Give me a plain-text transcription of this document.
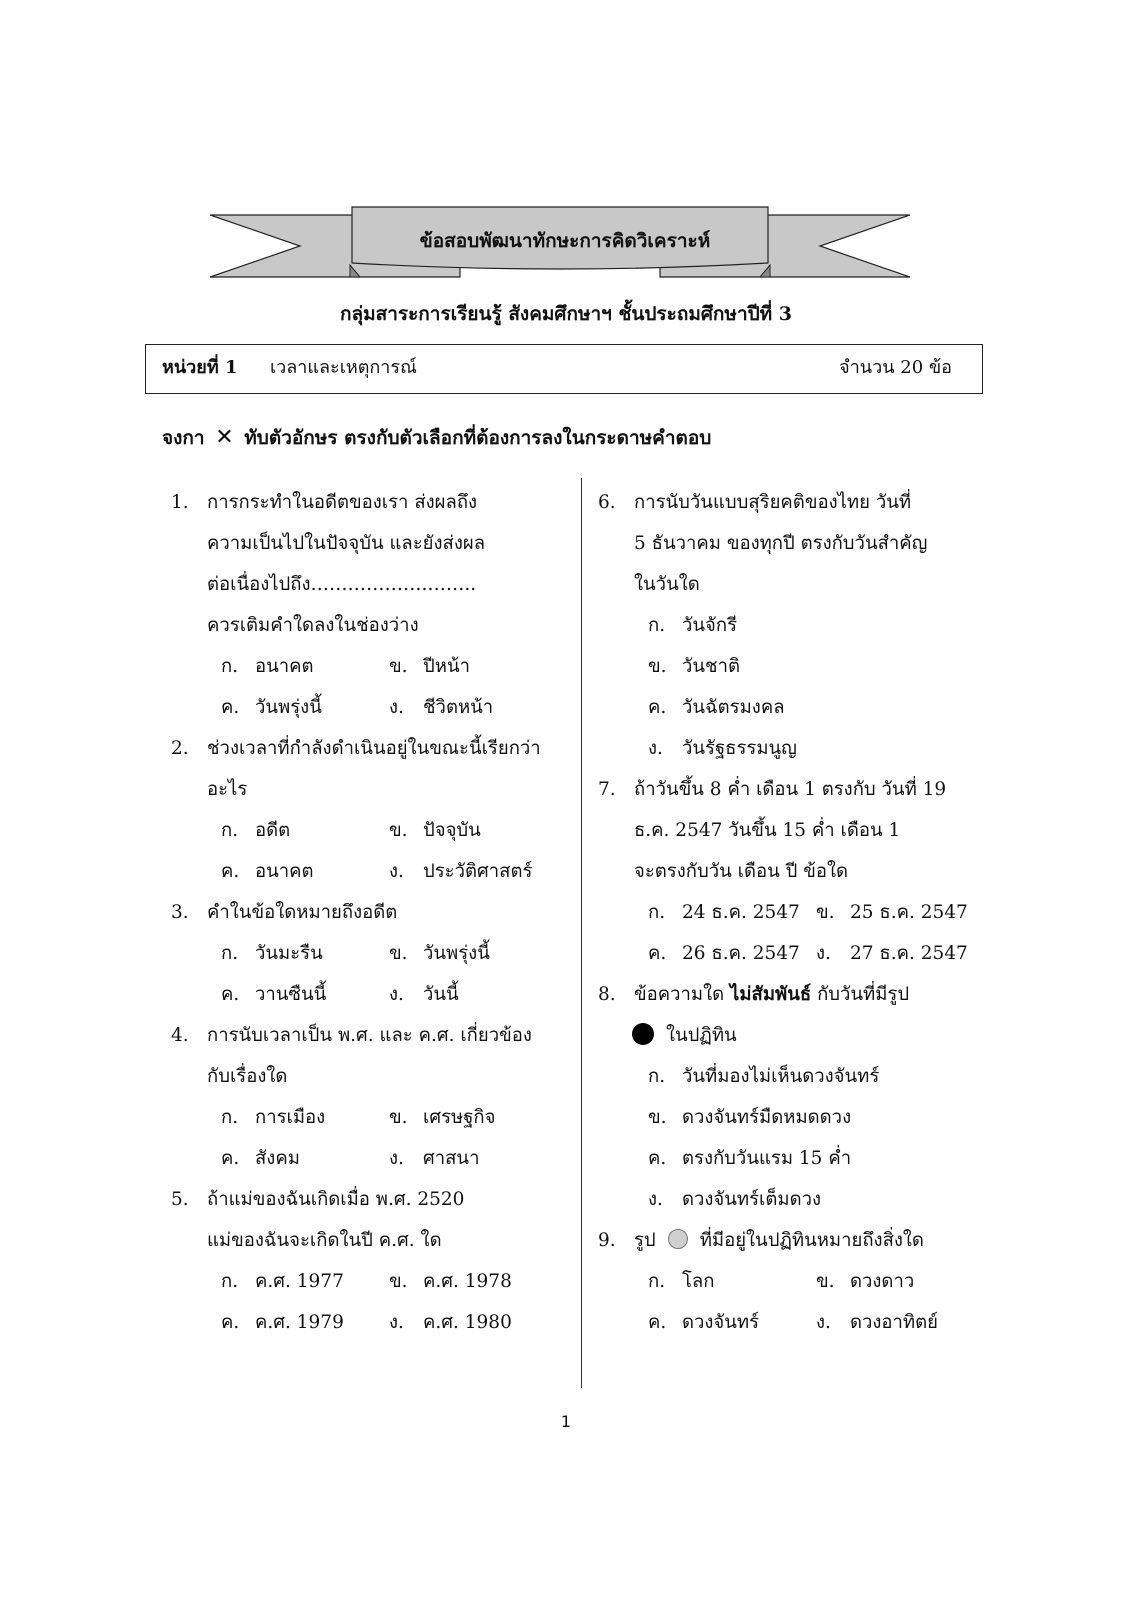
ข้อสอบพัฒนาทักษะการคิดวิเคราะห์
กลุ่มสาระการเรียนรู้ สังคมศึกษาฯ ชั้นประถมศึกษาปีที่ 3
หน่วยที่ 1 เวลาและเหตุการณ์	จำนวน 20 ข้อ
จงกา ✕ ทับตัวอักษร ตรงกับตัวเลือกที่ต้องการลงในกระดาษคำตอบ
1. การกระทำในอดีตของเรา ส่งผลถึง
ความเป็นไปในปัจจุบัน และยังส่งผล
ต่อเนื่องไปถึง……………….……..
ควรเติมคำใดลงในช่องว่าง
ก. อนาคต	ข. ปีหน้า
ค. วันพรุ่งนี้	ง. ชีวิตหน้า
2. ช่วงเวลาที่กำลังดำเนินอยู่ในขณะนี้เรียกว่า
อะไร
ก. อดีต	ข. ปัจจุบัน
ค. อนาคต	ง. ประวัติศาสตร์
3. คำในข้อใดหมายถึงอดีต
ก. วันมะรืน	ข. วันพรุ่งนี้
ค. วานซืนนี้	ง. วันนี้
4. การนับเวลาเป็น พ.ศ. และ ค.ศ. เกี่ยวข้อง
กับเรื่องใด
ก. การเมือง	ข. เศรษฐกิจ
ค. สังคม	ง. ศาสนา
5. ถ้าแม่ของฉันเกิดเมื่อ พ.ศ. 2520
แม่ของฉันจะเกิดในปี ค.ศ. ใด
ก. ค.ศ. 1977 ข. ค.ศ. 1978
ค. ค.ศ. 1979 ง. ค.ศ. 1980
6. การนับวันแบบสุริยคติของไทย วันที่
5 ธันวาคม ของทุกปี ตรงกับวันสำคัญ
ในวันใด
ก. วันจักรี
ข. วันชาติ
ค. วันฉัตรมงคล
ง. วันรัฐธรรมนูญ
7. ถ้าวันขึ้น 8 ค่ำ เดือน 1 ตรงกับ วันที่ 19
ธ.ค. 2547 วันขึ้น 15 ค่ำ เดือน 1
จะตรงกับวัน เดือน ปี ข้อใด
ก. 24 ธ.ค. 2547 ข. 25 ธ.ค. 2547
ค. 26 ธ.ค. 2547 ง. 27 ธ.ค. 2547
8. ข้อความใด ไม่สัมพันธ์ กับวันที่มีรูป
ในปฏิทิน
ก. วันที่มองไม่เห็นดวงจันทร์
ข. ดวงจันทร์มืดหมดดวง
ค. ตรงกับวันแรม 15 ค่ำ
ง. ดวงจันทร์เต็มดวง
9. รูป ที่มีอยู่ในปฏิทินหมายถึงสิ่งใด
ก. โลก	ข. ดวงดาว
ค. ดวงจันทร์	ง. ดวงอาทิตย์
1
